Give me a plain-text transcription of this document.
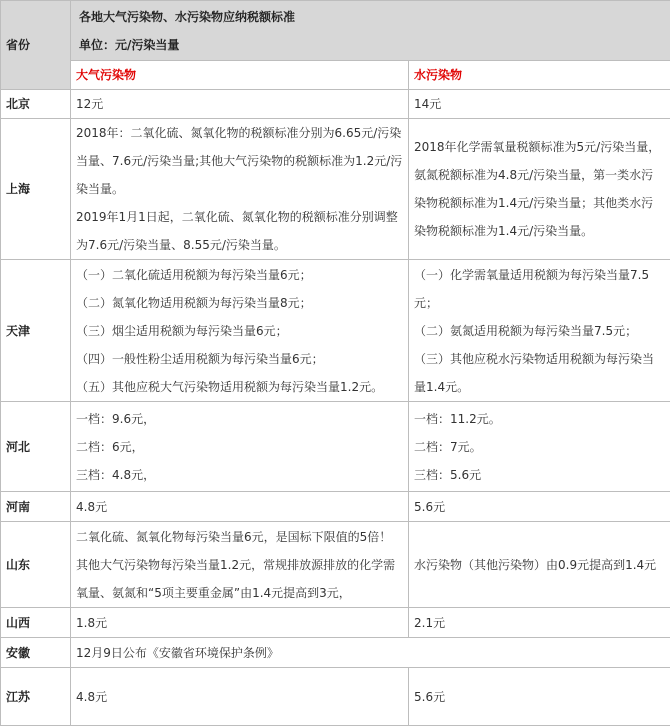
省份	各地大气污染物、水污染物应纳税额标准
单位：元/污染当量	

	大气污染物	水污染物
北京	12元	14元
上海	2018年：二氧化硫、氮氧化物的税额标准分别为6.65元/污染当量、7.6元/污染当量;其他大气污染物的税额标准为1.2元/污染当量。
2019年1月1日起，二氧化硫、氮氧化物的税额标准分别调整为7.6元/污染当量、8.55元/污染当量。	2018年化学需氧量税额标准为5元/污染当量，氨氮税额标准为4.8元/污染当量，第一类水污染物税额标准为1.4元/污染当量；其他类水污染物税额标准为1.4元/污染当量。

天津	（一）二氧化硫适用税额为每污染当量6元；
（二）氮氧化物适用税额为每污染当量8元；
（三）烟尘适用税额为每污染当量6元；
（四）一般性粉尘适用税额为每污染当量6元；
（五）其他应税大气污染物适用税额为每污染当量1.2元。	（一）化学需氧量适用税额为每污染当量7.5元；
（二）氨氮适用税额为每污染当量7.5元；
（三）其他应税水污染物适用税额为每污染当量1.4元。

河北	一档：9.6元，
二档：6元，
三档：4.8元，	一档：11.2元。
二档：7元。
三档：5.6元

河南	4.8元	5.6元
山东	二氧化硫、氮氧化物每污染当量6元，是国标下限值的5倍！其他大气污染物每污染当量1.2元，常规排放源排放的化学需氧量、氨氮和“5项主要重金属”由1.4元提高到3元，	水污染物（其他污染物）由0.9元提高到1.4元
山西	1.8元	2.1元
安徽	12月9日公布《安徽省环境保护条例》	
江苏	4.8元	5.6元
